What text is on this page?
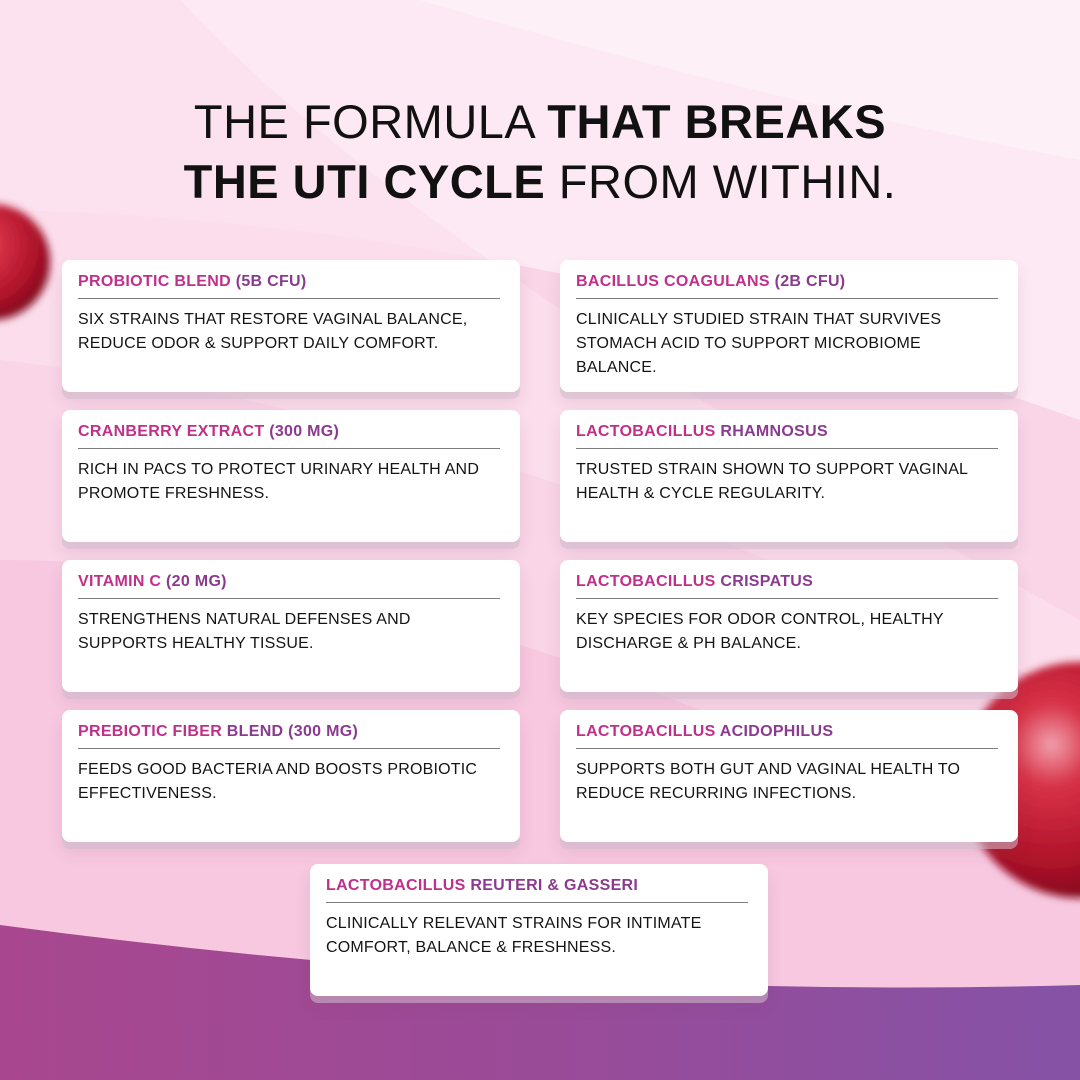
THE FORMULA THAT BREAKS
THE UTI CYCLE FROM WITHIN.
PROBIOTIC BLEND (5B CFU)
SIX STRAINS THAT RESTORE VAGINAL BALANCE, REDUCE ODOR & SUPPORT DAILY COMFORT.
BACILLUS COAGULANS (2B CFU)
CLINICALLY STUDIED STRAIN THAT SURVIVES STOMACH ACID TO SUPPORT MICROBIOME BALANCE.
CRANBERRY EXTRACT (300 MG)
RICH IN PACS TO PROTECT URINARY HEALTH AND PROMOTE FRESHNESS.
LACTOBACILLUS RHAMNOSUS
TRUSTED STRAIN SHOWN TO SUPPORT VAGINAL HEALTH & CYCLE REGULARITY.
VITAMIN C (20 MG)
STRENGTHENS NATURAL DEFENSES AND SUPPORTS HEALTHY TISSUE.
LACTOBACILLUS CRISPATUS
KEY SPECIES FOR ODOR CONTROL, HEALTHY DISCHARGE & PH BALANCE.
PREBIOTIC FIBER BLEND (300 MG)
FEEDS GOOD BACTERIA AND BOOSTS PROBIOTIC EFFECTIVENESS.
LACTOBACILLUS ACIDOPHILUS
SUPPORTS BOTH GUT AND VAGINAL HEALTH TO REDUCE RECURRING INFECTIONS.
LACTOBACILLUS REUTERI & GASSERI
CLINICALLY RELEVANT STRAINS FOR INTIMATE COMFORT, BALANCE & FRESHNESS.
